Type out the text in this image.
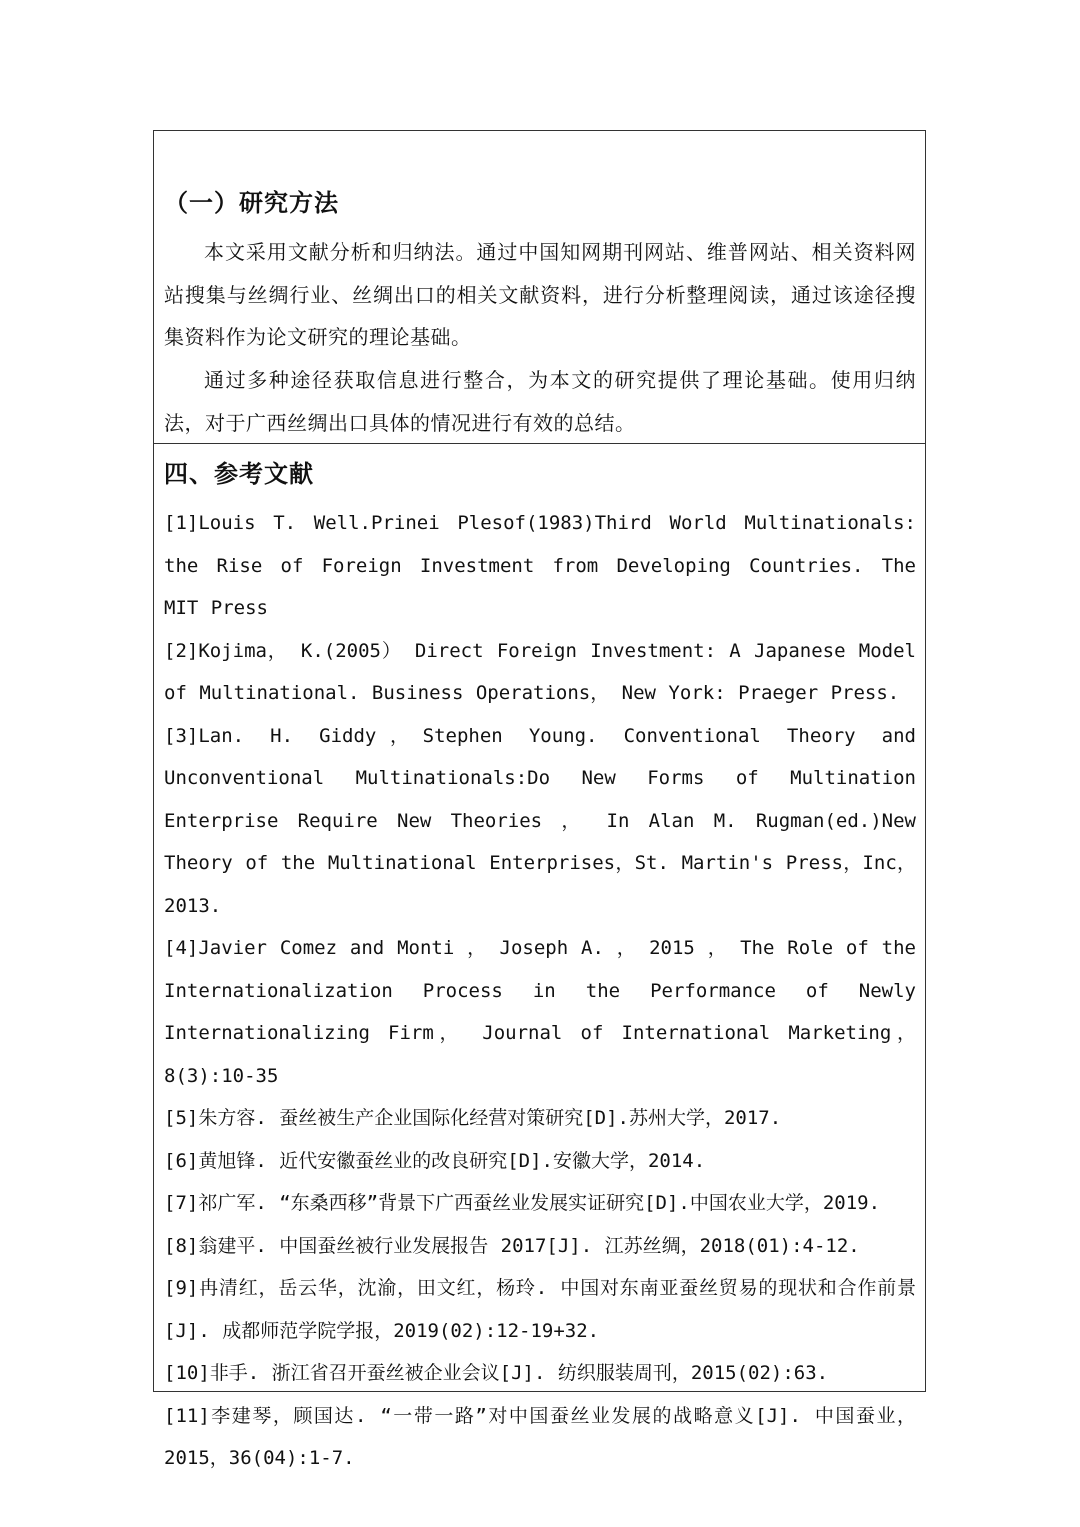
（一）研究方法
本文采用文献分析和归纳法。通过中国知网期刊网站、维普网站、相关资料网站搜集与丝绸行业、丝绸出口的相关文献资料，进行分析整理阅读，通过该途径搜集资料作为论文研究的理论基础。
通过多种途径获取信息进行整合，为本文的研究提供了理论基础。使用归纳法，对于广西丝绸出口具体的情况进行有效的总结。
四、参考文献
[1]Louis T. Well.Prinei Plesof(1983)Third World Multinationals: the Rise of Foreign Investment from Developing Countries. The MIT Press
[2]Kojima， K.(2005） Direct Foreign Investment: A Japanese Model of Multinational. Business Operations， New York: Praeger Press.
[3]Lan. H. Giddy，Stephen Young. Conventional Theory and Unconventional Multinationals:Do New Forms of Multination Enterprise Require New Theories ， In Alan M. Rugman(ed.)New Theory of the Multinational Enterprises，St. Martin's Press，Inc，2013.
[4]Javier Comez and Monti ， Joseph A. ， 2015 ， The Role of the Internationalization Process in the Performance of Newly Internationalizing Firm， Journal of International Marketing，8(3):10-35
[5]朱方容. 蚕丝被生产企业国际化经营对策研究[D].苏州大学，2017.
[6]黄旭锋. 近代安徽蚕丝业的改良研究[D].安徽大学，2014.
[7]祁广军. “东桑西移”背景下广西蚕丝业发展实证研究[D].中国农业大学，2019.
[8]翁建平. 中国蚕丝被行业发展报告 2017[J]. 江苏丝绸，2018(01):4-12.
[9]冉清红，岳云华，沈渝，田文红，杨玲. 中国对东南亚蚕丝贸易的现状和合作前景[J]. 成都师范学院学报，2019(02):12-19+32.
[10]非手. 浙江省召开蚕丝被企业会议[J]. 纺织服装周刊，2015(02):63.
[11]李建琴，顾国达. “一带一路”对中国蚕丝业发展的战略意义[J]. 中国蚕业，2015，36(04):1-7.
